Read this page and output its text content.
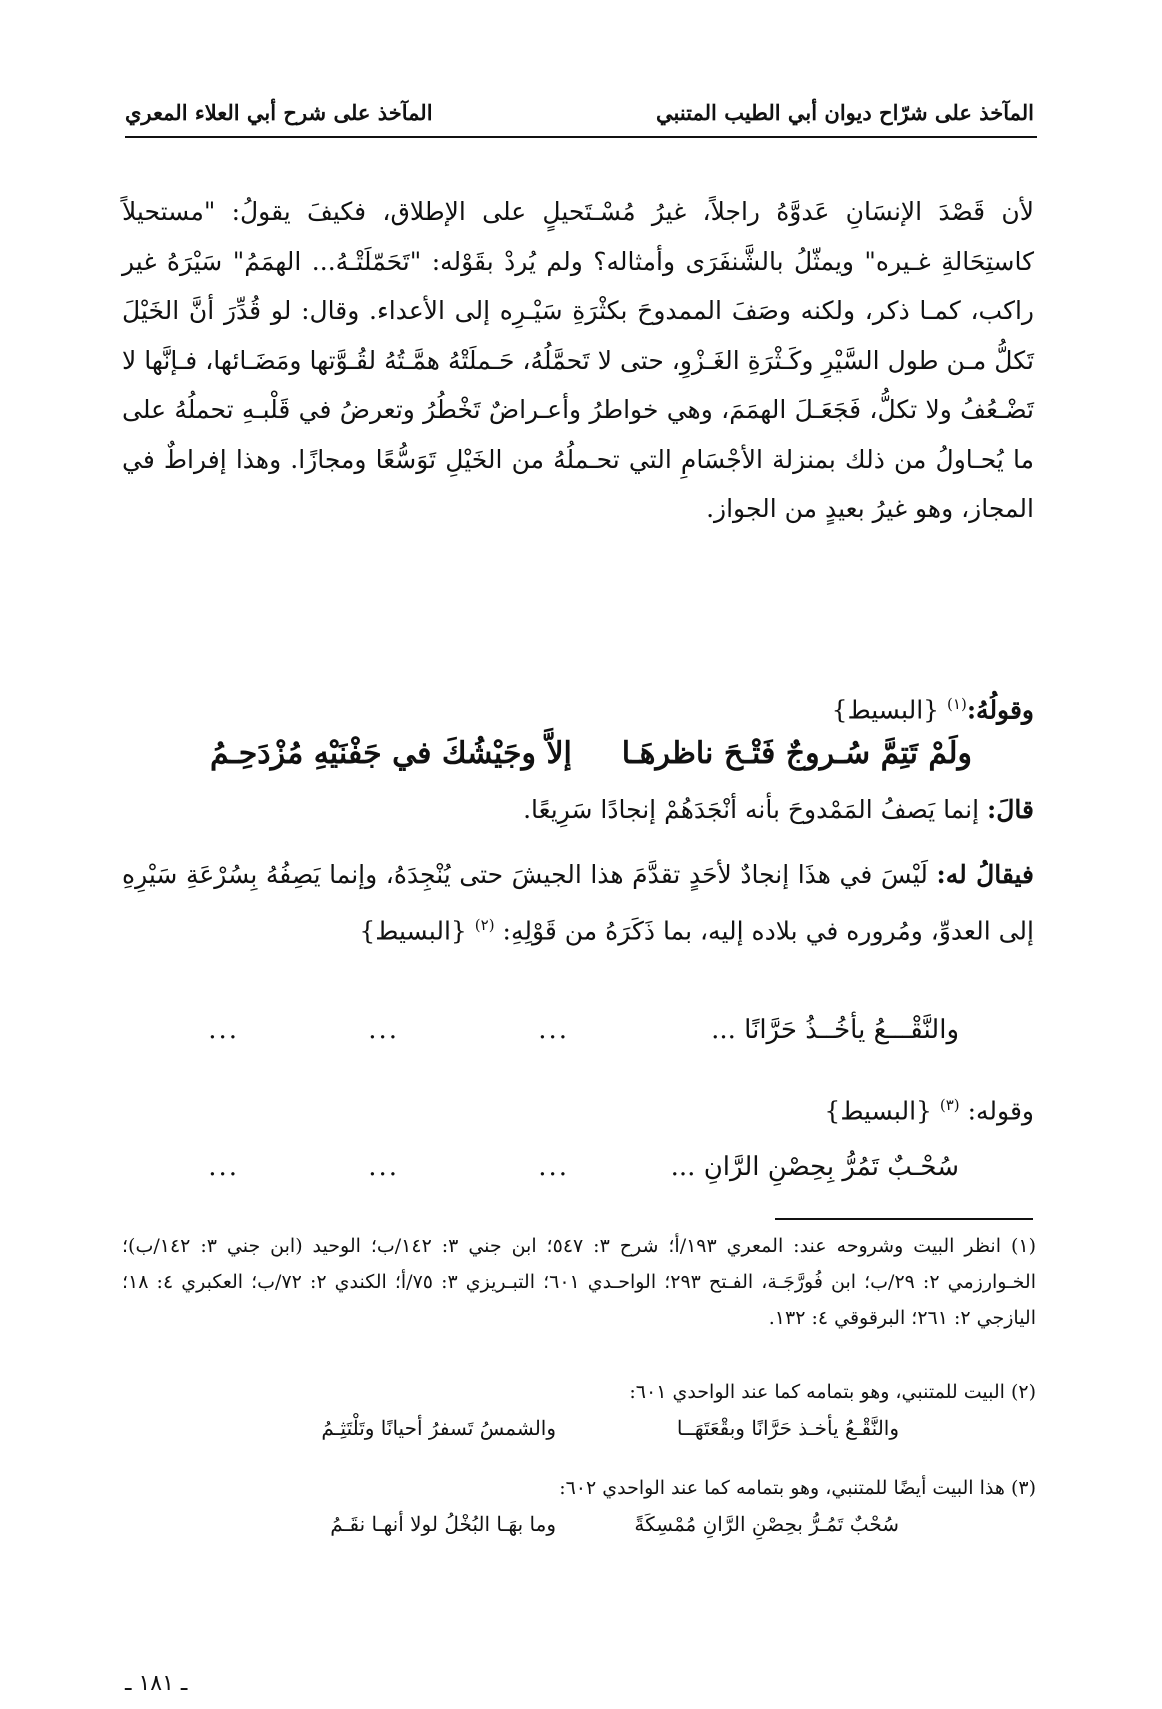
المآخذ على شرّاح ديوان أبي الطيب المتنبي
المآخذ على شرح أبي العلاء المعري
لأن قَصْدَ الإنسَانِ عَدوَّهُ راجلاً، غيرُ مُسْـتَحيلٍ على الإطلاق، فكيفَ يقولُ: "مستحيلاً كاستِحَالةِ غـيره" ويمثّلُ بالشَّنفَرَى وأمثاله؟ ولم يُردْ بقَوْله: "تَحَمّلَتْـهُ... الهمَمُ" سَيْرَهُ غير راكب، كمـا ذكر، ولكنه وصَفَ الممدوحَ بكثْرَةِ سَيْـرِه إلى الأعداء. وقال: لو قُدِّرَ أنَّ الخَيْلَ تَكلُّ مـن طول السَّيْرِ وكَـثْرَةِ الغَـزْوِ، حتى لا تَحمَّلُهُ، حَـملَتْهُ همَّـتُهُ لقُـوَّتها ومَضَـائها، فـإنَّها لا تَضْـعُفُ ولا تكلُّ، فَجَعَـلَ الهمَمَ، وهي خواطرُ وأعـراضٌ تَخْطُرُ وتعرضُ في قَلْبـهِ تحملُهُ على ما يُحـاولُ من ذلك بمنزلة الأجْسَامِ التي تحـملُهُ من الخَيْلِ تَوَسُّعًا ومجازًا. وهذا إفراطٌ في المجاز، وهو غيرُ بعيدٍ من الجواز.
وقولُهُ:$^{(١)}$ {البسيط}
ولَمْ تَتِمَّ سُـروجٌ فَتْـحَ ناظرهَـا
إلاَّ وجَيْشُكَ في جَفْنَيْهِ مُزْدَحِـمُ
قالَ: إنما يَصفُ المَمْدوحَ بأنه أنْجَدَهُمْ إنجادًا سَرِيعًا.
فيقالُ له: لَيْسَ في هذَا إنجادٌ لأحَدٍ تقدَّمَ هذا الجيشَ حتى يُنْجِدَهُ، وإنما يَصِفُهُ بِسُرْعَةِ سَيْرِهِ إلى العدوِّ، ومُروره في بلاده إليه، بما ذَكَرَهُ من قَوْلِهِ: $^{(٢)}$ {البسيط}
والنَّقْـــعُ يأخُــذُ حَرَّانًا ...
...
...
...
وقوله: $^{(٣)}$ {البسيط}
سُحْـبٌ تَمُرُّ بِحِصْنِ الرَّانِ ...
...
...
...
(١) انظر البيت وشروحه عند: المعري ١٩٣/أ؛ شرح ٣: ٥٤٧؛ ابن جني ٣: ١٤٢/ب؛ الوحيد (ابن جني ٣: ١٤٢/ب)؛ الخـوارزمي ٢: ٢٩/ب؛ ابن فُورَّجَـة، الفـتح ٢٩٣؛ الواحـدي ٦٠١؛ التبـريزي ٣: ٧٥/أ؛ الكندي ٢: ٧٢/ب؛ العكبري ٤: ١٨؛ اليازجي ٢: ٢٦١؛ البرقوقي ٤: ١٣٢.
(٢) البيت للمتنبي، وهو بتمامه كما عند الواحدي ٦٠١:
والنَّقْـعُ يأخـذ حَرَّانًا وبقْعَتَهَــا
والشمسُ تَسفرُ أحيانًا وتَلْتَثِـمُ
(٣) هذا البيت أيضًا للمتنبي، وهو بتمامه كما عند الواحدي ٦٠٢:
سُحْبٌ تَمُـرُّ بحِصْنِ الرَّانِ مُمْسِكَةً
وما بهَـا البُخْلُ لولا أنهـا نقَـمُ
ـ ١٨١ ـ
